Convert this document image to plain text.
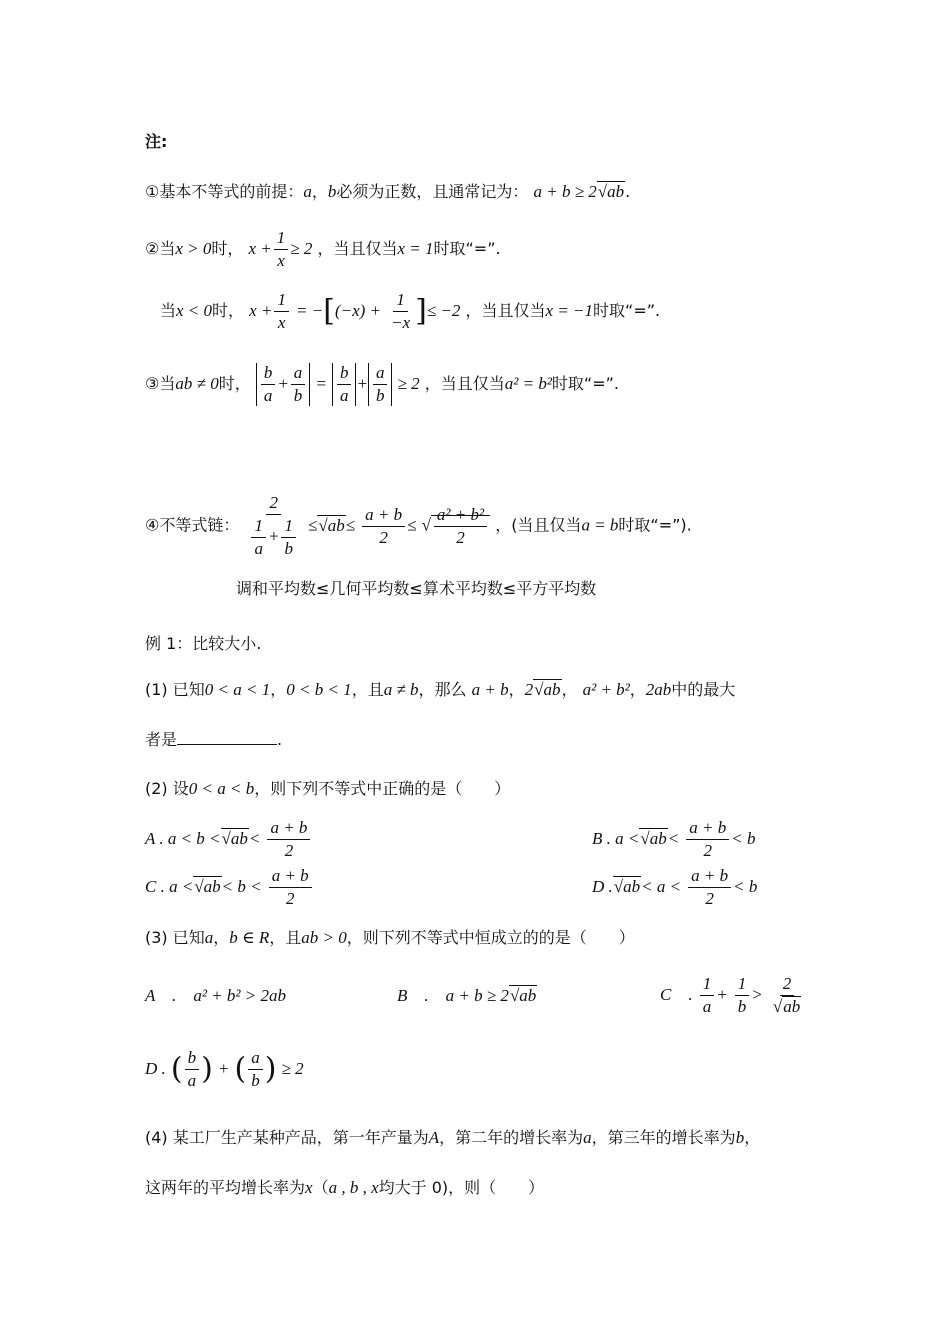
注:
①基本不等式的前提：a，b必须为正数，且通常记为： a + b ≥ 2√ab.
②当x > 0时， $x + \frac{1}{x} \ge 2$ ，当且仅当x = 1时取“=”.
当x < 0时， $x + \frac{1}{x} = -[(-x) + \frac{1}{-x}$ ]≤ −2 ，当且仅当x = −1时取“=”.
③当ab ≠ 0时， $\frac{b}{a} + \frac{a}{b} = \frac{b}{a} + \frac{a}{b} \ge 2$ ，当且仅当a² = b²时取“=”.
④不等式链： $\frac{2}{\frac{1}{a} + \frac{1}{b}} \le√ab\le \frac{a + b}{2}$ ≤ √ $\frac{\text{a² + b²}}{2}$ ，(当且仅当a = b时取“=”).
调和平均数≤几何平均数≤算术平均数≤平方平均数
例 1：比较大小.
(1) 已知0 < a < 1，0 < b < 1，且a ≠ b，那么 a + b，2√ab， a² + b²，2ab中的最大
者是	.
(2) 设0 < a < b，则下列不等式中正确的是（　　）
A . $a < b <√ab< \frac{a + b}{2}$	B . $a <√ab< \frac{a + b}{2} < b$
C . $a <√ab< b < \frac{a + b}{2}$	D $.√ab< a < \frac{a + b}{2} < b$
(3) 已知a，b ∈ R，且ab > 0，则下列不等式中恒成立的的是（　　）
A　.　a² + b² > 2ab	B　.　a + b ≥ 2√ab	C　. $\frac{1}{a} + \frac{1}{b} > \frac{2}{√ab}$
D . ( $\frac{b}{a}$ ) + ( $\frac{a}{b}$ ) ≥ 2
(4) 某工厂生产某种产品，第一年产量为A，第二年的增长率为a，第三年的增长率为b，
这两年的平均增长率为x（a , b , x均大于 0)，则（　　）
